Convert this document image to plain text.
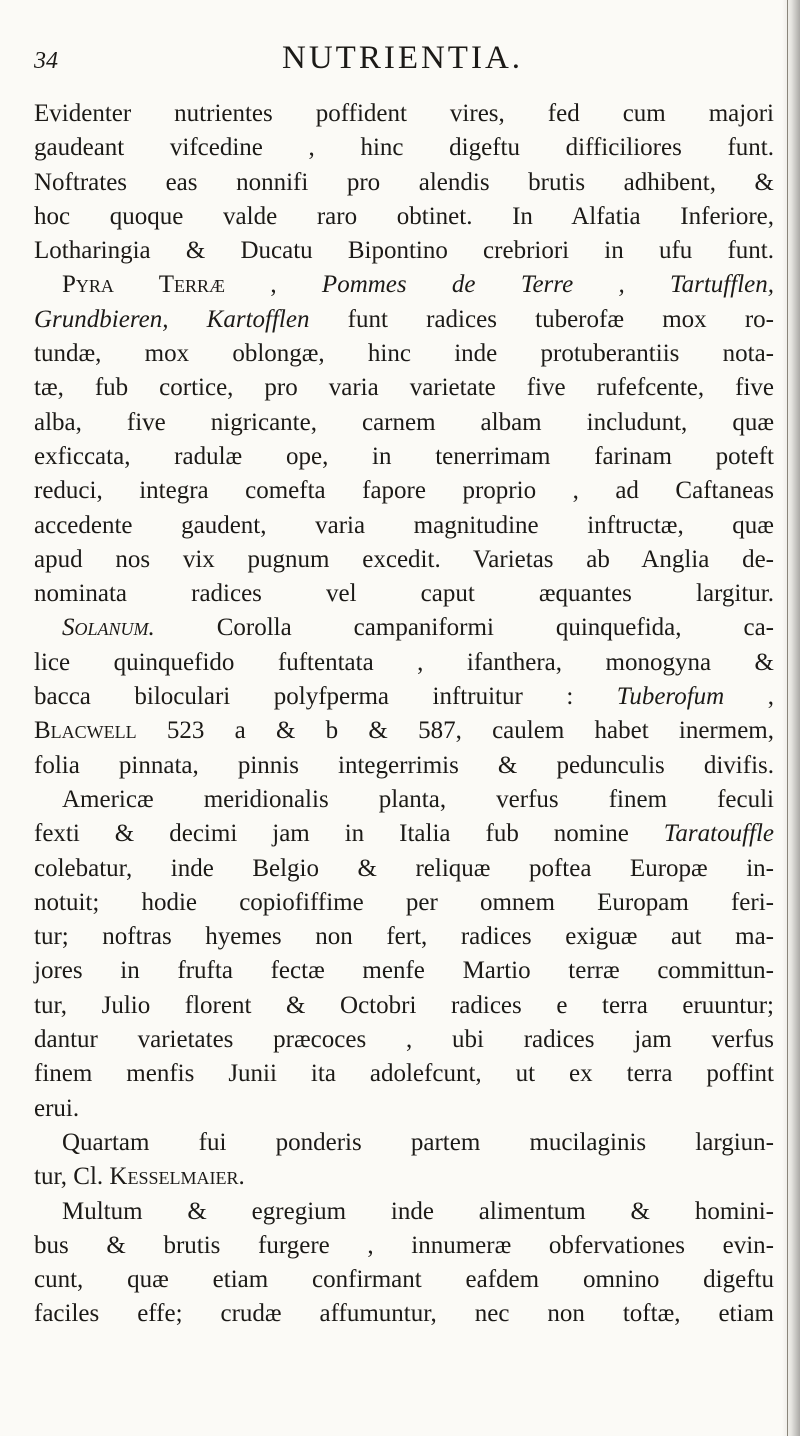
34	NUTRIENTIA.
Evidenter nutrientes poffident vires, fed cum majori
gaudeant vifcedine , hinc digeftu difficiliores funt.
Noftrates eas nonnifi pro alendis brutis adhibent, &
hoc quoque valde raro obtinet. In Alfatia Inferiore,
Lotharingia & Ducatu Bipontino crebriori in ufu funt.
Pyra Terræ , Pommes de Terre , Tartufflen,
Grundbieren, Kartofflen funt radices tuberofæ mox ro-
tundæ, mox oblongæ, hinc inde protuberantiis nota-
tæ, fub cortice, pro varia varietate five rufefcente, five
alba, five nigricante, carnem albam includunt, quæ
exficcata, radulæ ope, in tenerrimam farinam poteft
reduci, integra comefta fapore proprio , ad Caftaneas
accedente gaudent, varia magnitudine inftructæ, quæ
apud nos vix pugnum excedit. Varietas ab Anglia de-
nominata radices vel caput æquantes largitur.
Solanum. Corolla campaniformi quinquefida, ca-
lice quinquefido fuftentata , ifanthera, monogyna &
bacca biloculari polyfperma inftruitur : Tuberofum ,
Blacwell 523 a & b & 587, caulem habet inermem,
folia pinnata, pinnis integerrimis & pedunculis divifis.
Americæ meridionalis planta, verfus finem feculi
fexti & decimi jam in Italia fub nomine Taratouffle
colebatur, inde Belgio & reliquæ poftea Europæ in-
notuit; hodie copiofiffime per omnem Europam feri-
tur; noftras hyemes non fert, radices exiguæ aut ma-
jores in frufta fectæ menfe Martio terræ committun-
tur, Julio florent & Octobri radices e terra eruuntur;
dantur varietates præcoces , ubi radices jam verfus
finem menfis Junii ita adolefcunt, ut ex terra poffint
erui.
Quartam fui ponderis partem mucilaginis largiun-
tur, Cl. Kesselmaier.
Multum & egregium inde alimentum & homini-
bus & brutis furgere , innumeræ obfervationes evin-
cunt, quæ etiam confirmant eafdem omnino digeftu
faciles effe; crudæ affumuntur, nec non toftæ, etiam
